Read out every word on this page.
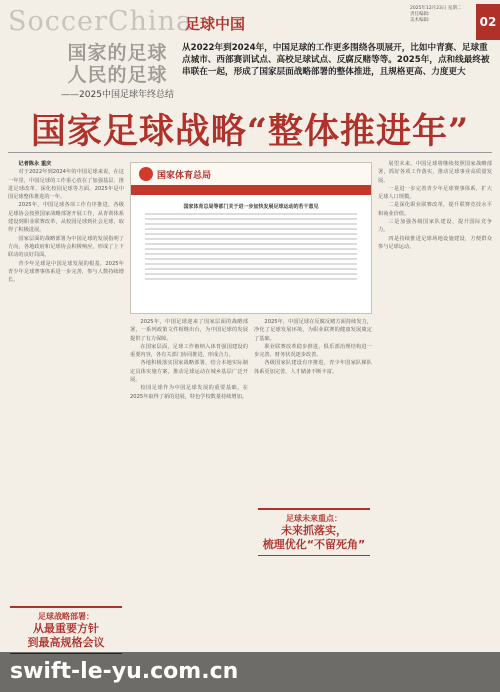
SoccerChina
足球中国
2025年12月23日 星期二
责任编辑:
美术编辑:	02
国家的足球
人民的足球
——2025中国足球年终总结
从2022年到2024年，中国足球的工作更多围绕各项展开，比如中青赛、足球重点城市、西部赛训试点、高校足球试点、反腐反赌等等。2025年，点和线最终被串联在一起，形成了国家层面战略部署的整体推进，且规格更高、力度更大
国家足球战略“整体推进年”

记者陈永 重庆

对于2022年到2024年的中国足球来说，在这一年里，中国足球的工作重心放在了加强基层、推进足球改革、深化校园足球等方面，2025年是中国足球整体推进的一年。

2025年，中国足球各项工作有序推进，各级足球协会按照国家战略部署开展工作，从青训体系建设到职业联赛改革，从校园足球到社会足球，取得了积极进展。

国家层面的战略部署为中国足球的发展指明了方向，各地政府和足球协会积极响应，形成了上下联动的良好局面。

青少年足球是中国足球发展的根基，2025年青少年足球赛事体系进一步完善，参与人数持续增长。

足球战略部署：
从最重要方针
到最高规格会议
国家体育总局
国家体育总局等部门关于进一步加快发展足球运动的若干意见

2025年，中国足球迎来了国家层面的战略部署，一系列政策文件相继出台，为中国足球的发展提供了有力保障。

在国家层面，足球工作被纳入体育强国建设的重要内容，各有关部门协同推进，形成合力。

各地积极落实国家战略部署，结合本地实际制定具体实施方案，推动足球运动在城乡基层广泛开展。

校园足球作为中国足球发展的重要基础，在2025年取得了新的进展，特色学校数量持续增加。

2025年，中国足球在反腐反赌方面持续发力，净化了足球发展环境，为职业联赛的健康发展奠定了基础。

职业联赛改革稳步推进，俱乐部治理结构进一步完善，财务状况逐步改善。

各级国家队建设有序推进，青少年国家队梯队体系更加完善，人才储备不断丰富。

足球未来重点：
未来抓落实，
梳理优化“不留死角”

展望未来，中国足球将继续按照国家战略部署，抓好各项工作落实，推动足球事业高质量发展。

一是进一步完善青少年足球赛事体系，扩大足球人口规模。

二是深化职业联赛改革，提升联赛竞技水平和商业价值。

三是加强各级国家队建设，提升国际竞争力。

四是持续推进足球场地设施建设，方便群众参与足球运动。

swift-le-yu.com.cn
